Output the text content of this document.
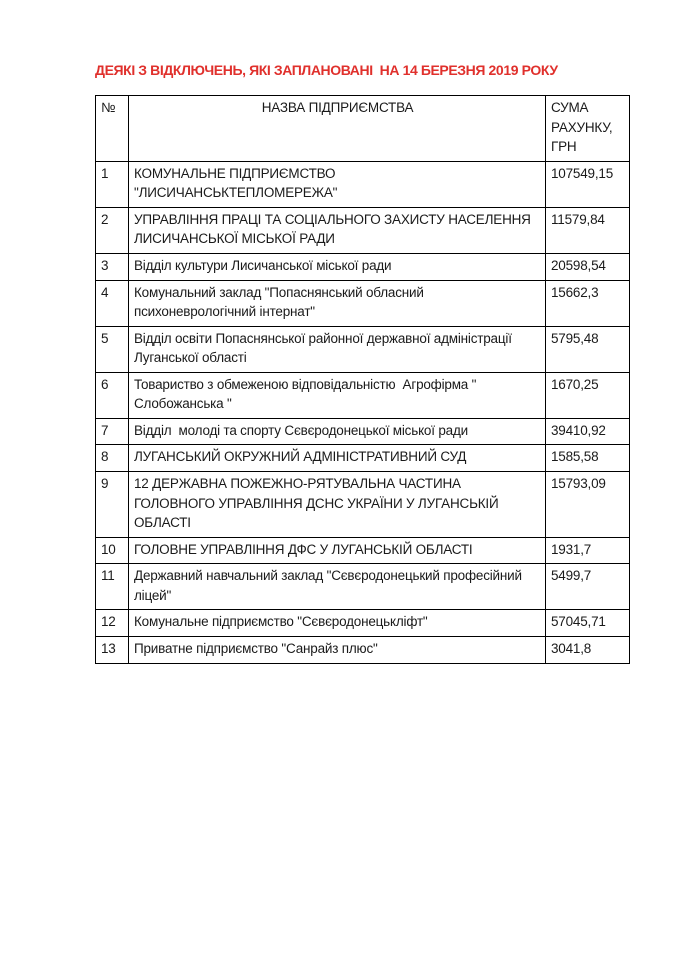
ДЕЯКІ З ВІДКЛЮЧЕНЬ, ЯКІ ЗАПЛАНОВАНІ  НА 14 БЕРЕЗНЯ 2019 РОКУ
№	НАЗВА ПІДПРИЄМСТВА	СУМА РАХУНКУ, ГРН
1	КОМУНАЛЬНЕ ПІДПРИЄМСТВО "ЛИСИЧАНСЬКТЕПЛОМЕРЕЖА"	107549,15
2	УПРАВЛІННЯ ПРАЦІ ТА СОЦІАЛЬНОГО ЗАХИСТУ НАСЕЛЕННЯ ЛИСИЧАНСЬКОЇ МІСЬКОЇ РАДИ	11579,84
3	Відділ культури Лисичанської міської ради	20598,54
4	Комунальний заклад "Попаснянський обласний психоневрологічний інтернат"	15662,3
5	Відділ освіти Попаснянської районної державної адміністрації Луганської області	5795,48
6	Товариство з обмеженою відповідальністю  Агрофірма " Слобожанська "	1670,25
7	Відділ  молоді та спорту Сєвєродонецької міської ради	39410,92
8	ЛУГАНСЬКИЙ ОКРУЖНИЙ АДМІНІСТРАТИВНИЙ СУД	1585,58
9	12 ДЕРЖАВНА ПОЖЕЖНО-РЯТУВАЛЬНА ЧАСТИНА ГОЛОВНОГО УПРАВЛІННЯ ДСНС УКРАЇНИ У ЛУГАНСЬКІЙ ОБЛАСТІ	15793,09
10	ГОЛОВНЕ УПРАВЛІННЯ ДФС У ЛУГАНСЬКІЙ ОБЛАСТІ	1931,7
11	Державний навчальний заклад "Сєвєродонецький професійний ліцей"	5499,7
12	Комунальне підприємство "Сєвєродонецькліфт"	57045,71
13	Приватне підприємство "Санрайз плюс"	3041,8
